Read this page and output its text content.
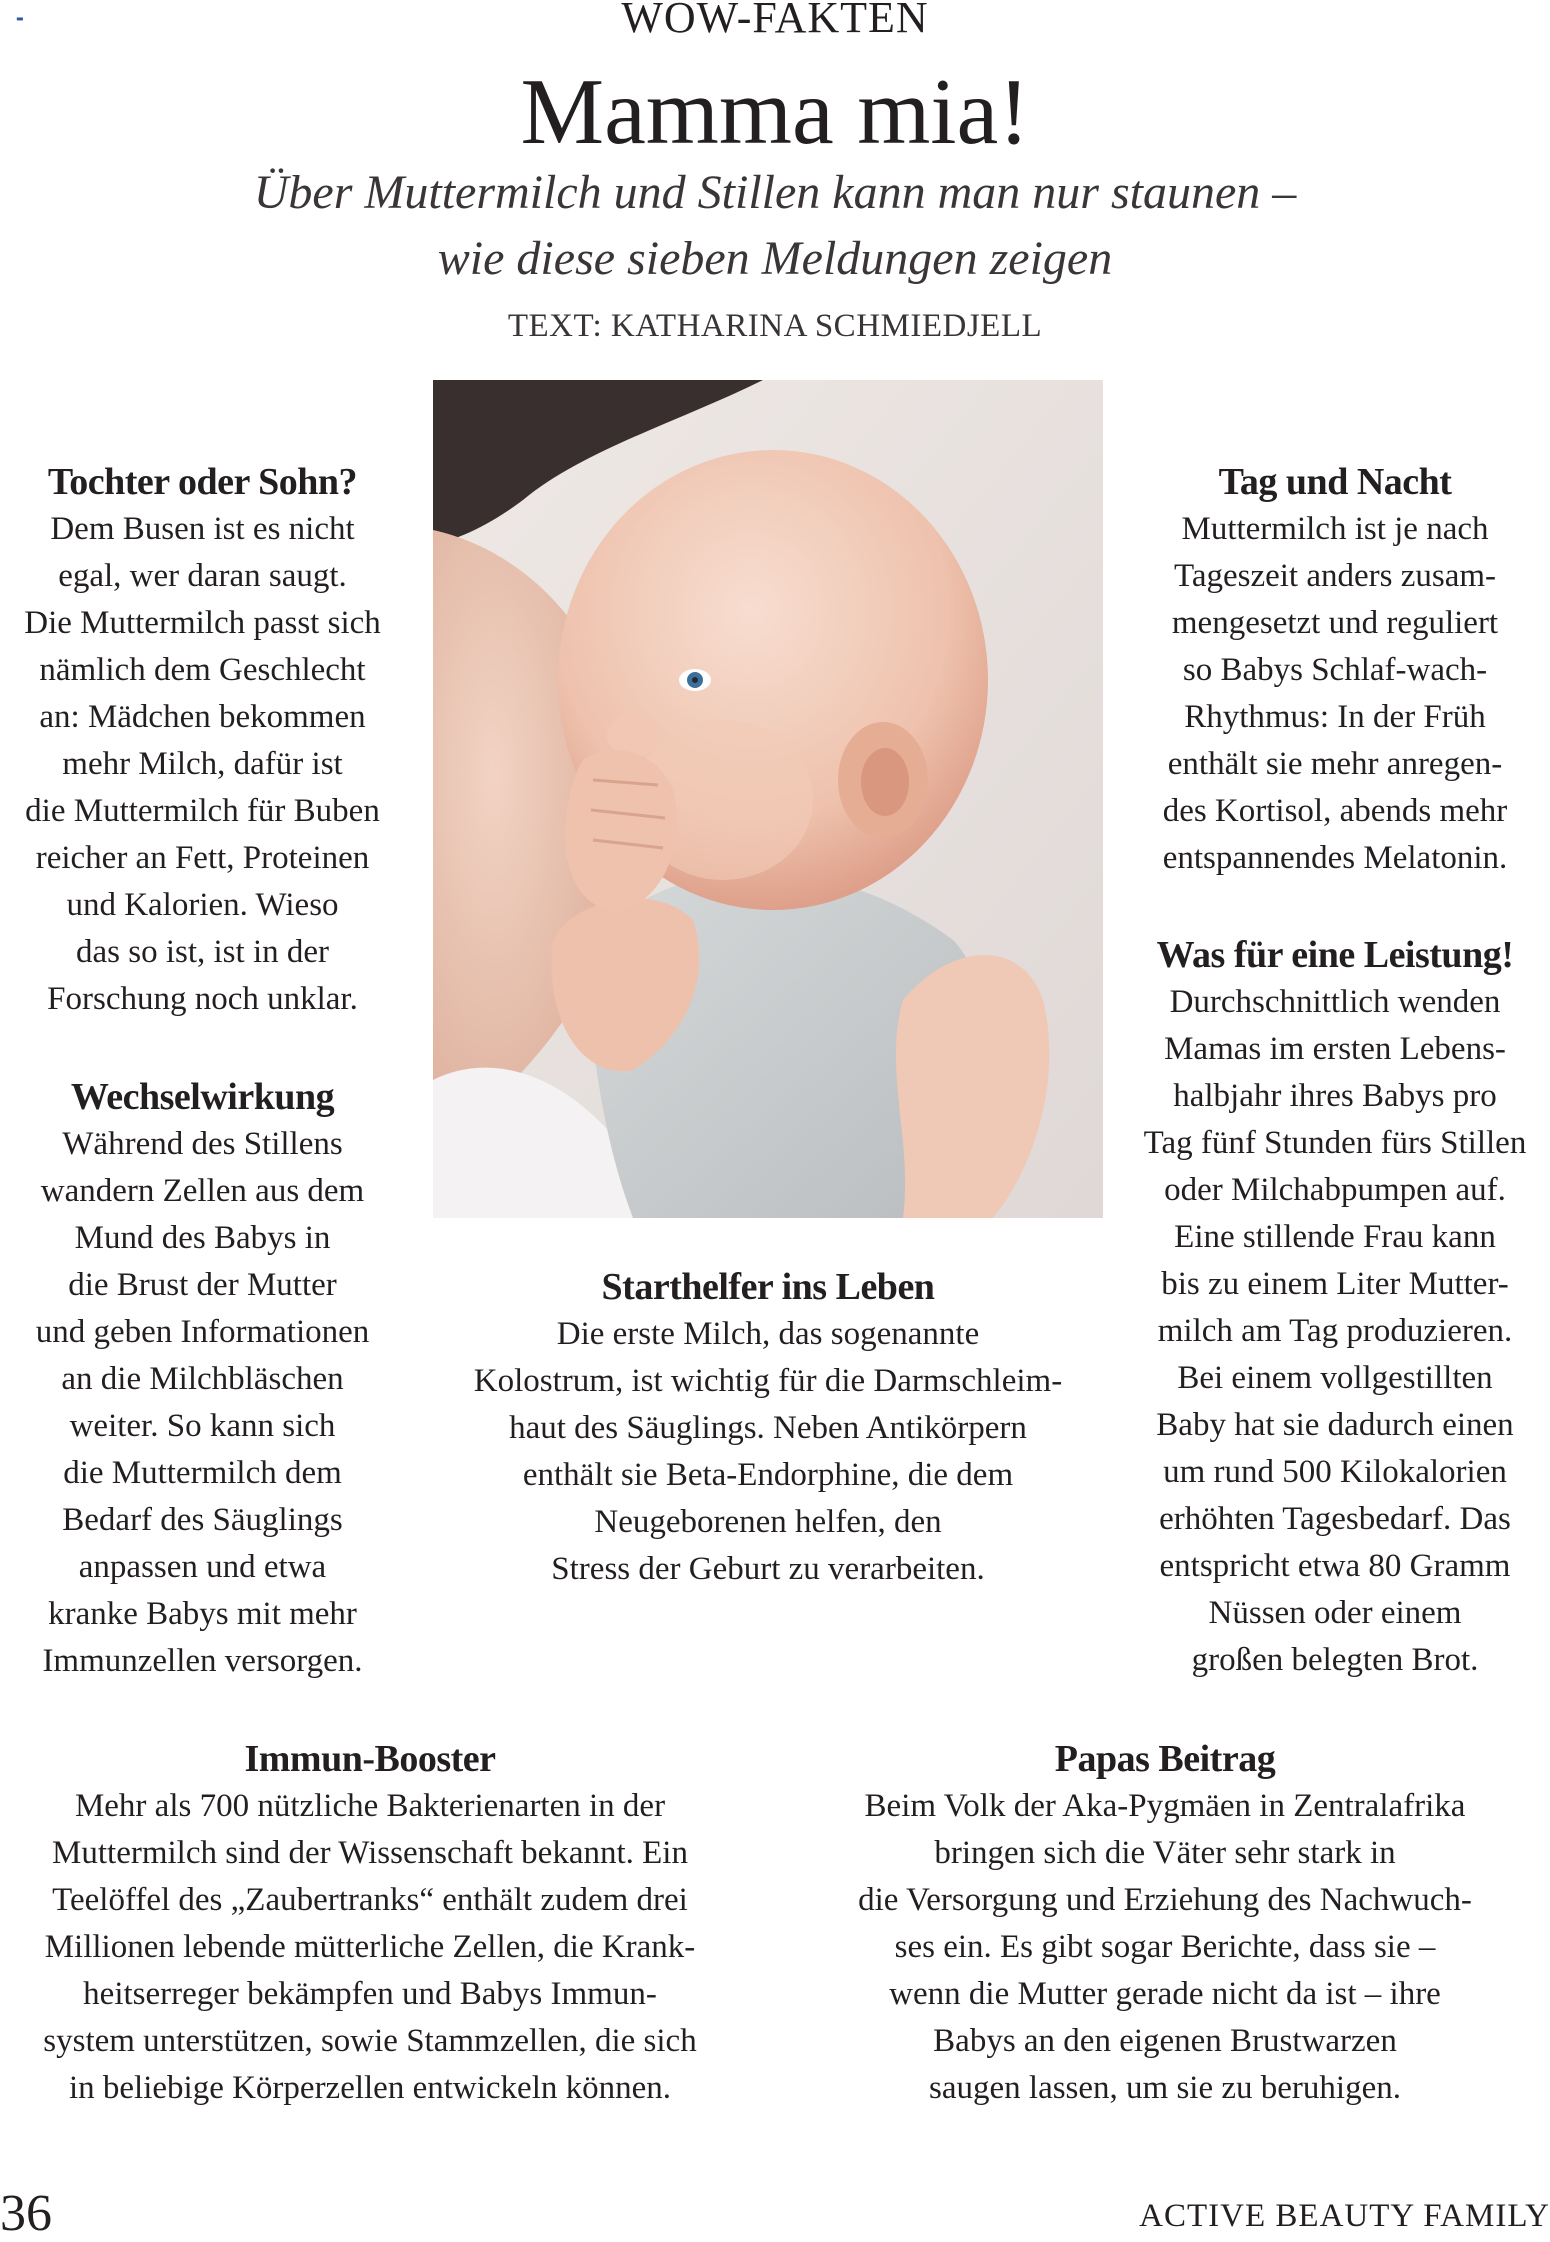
▬	WOW-FAKTEN
Mamma mia!
Über Muttermilch und Stillen kann man nur staunen –
wie diese sieben Meldungen zeigen
TEXT: KATHARINA SCHMIEDJELL
Tochter oder Sohn?
Dem Busen ist es nicht
egal, wer daran saugt.
Die Muttermilch passt sich
nämlich dem Geschlecht
an: Mädchen bekommen
mehr Milch, dafür ist
die Muttermilch für Buben
reicher an Fett, Proteinen
und Kalorien. Wieso
das so ist, ist in der
Forschung noch unklar.
Wechselwirkung
Während des Stillens
wandern Zellen aus dem
Mund des Babys in
die Brust der Mutter
und geben Informationen
an die Milchbläschen
weiter. So kann sich
die Muttermilch dem
Bedarf des Säuglings
anpassen und etwa
kranke Babys mit mehr
Immunzellen versorgen.
Starthelfer ins Leben
Die erste Milch, das sogenannte
Kolostrum, ist wichtig für die Darmschleim-
haut des Säuglings. Neben Antikörpern
enthält sie Beta-Endorphine, die dem
Neugeborenen helfen, den
Stress der Geburt zu verarbeiten.
Tag und Nacht
Muttermilch ist je nach
Tageszeit anders zusam-
mengesetzt und reguliert
so Babys Schlaf-wach-
Rhythmus: In der Früh
enthält sie mehr anregen-
des Kortisol, abends mehr
entspannendes Melatonin.
Was für eine Leistung!
Durchschnittlich wenden
Mamas im ersten Lebens-
halbjahr ihres Babys pro
Tag fünf Stunden fürs Stillen
oder Milchabpumpen auf.
Eine stillende Frau kann
bis zu einem Liter Mutter-
milch am Tag produzieren.
Bei einem vollgestillten
Baby hat sie dadurch einen
um rund 500 Kilokalorien
erhöhten Tagesbedarf. Das
entspricht etwa 80 Gramm
Nüssen oder einem
großen belegten Brot.
Immun-Booster
Mehr als 700 nützliche Bakterienarten in der
Muttermilch sind der Wissenschaft bekannt. Ein
Teelöffel des „Zaubertranks“ enthält zudem drei
Millionen lebende mütterliche Zellen, die Krank-
heitserreger bekämpfen und Babys Immun-
system unterstützen, sowie Stammzellen, die sich
in beliebige Körperzellen entwickeln können.
Papas Beitrag
Beim Volk der Aka-Pygmäen in Zentralafrika
bringen sich die Väter sehr stark in
die Versorgung und Erziehung des Nachwuch-
ses ein. Es gibt sogar Berichte, dass sie –
wenn die Mutter gerade nicht da ist – ihre
Babys an den eigenen Brustwarzen
saugen lassen, um sie zu beruhigen.
36	ACTIVE BEAUTY FAMILY
